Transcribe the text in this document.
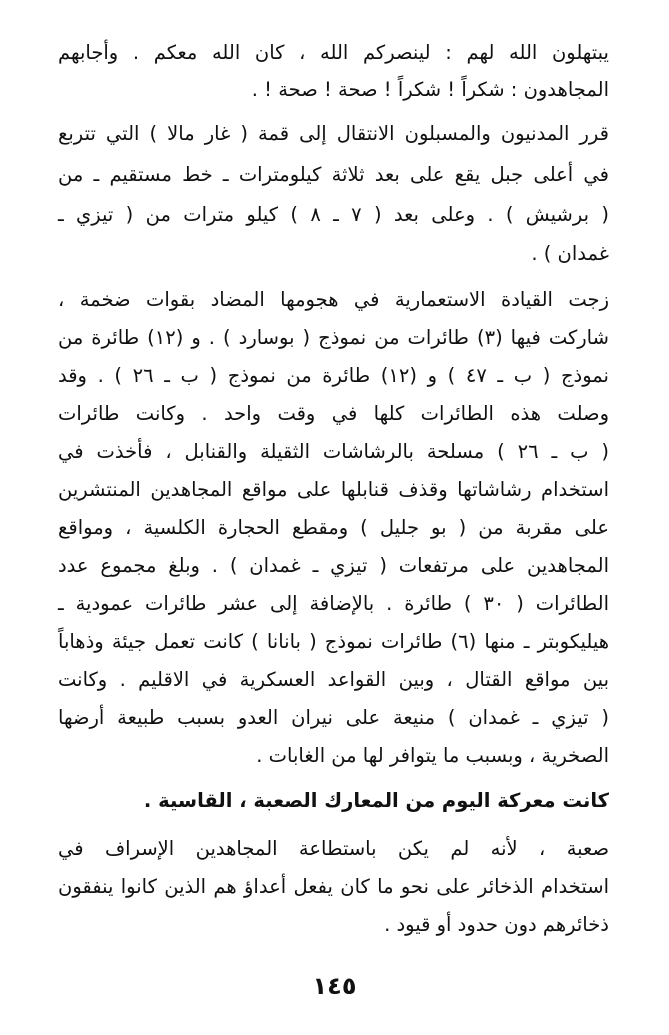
يبتهلون الله لهم : لينصركم الله ، كان الله معكم . وأجابهم
المجاهدون : شكراً ! شكراً ! صحة ! صحة ! .
قرر المدنيون والمسبلون الانتقال إلى قمة ( غار مالا ) التي تتربع
في أعلى جبل يقع على بعد ثلاثة كيلومترات ـ خط مستقيم ـ من
( برشيش ) . وعلى بعد ( ٧ ـ ٨ ) كيلو مترات من ( تيزي ـ
غمدان ) .
زجت القيادة الاستعمارية في هجومها المضاد بقوات ضخمة ،
شاركت فيها (٣) طائرات من نموذج ( بوسارد ) . و (١٢) طائرة من
نموذج ( ب ـ ٤٧ ) و (١٢) طائرة من نموذج ( ب ـ ٢٦ ) . وقد
وصلت هذه الطائرات كلها في وقت واحد . وكانت طائرات
( ب ـ ٢٦ ) مسلحة بالرشاشات الثقيلة والقنابل ، فأخذت في
استخدام رشاشاتها وقذف قنابلها على مواقع المجاهدين المنتشرين
على مقربة من ( بو جليل ) ومقطع الحجارة الكلسية ، ومواقع
المجاهدين على مرتفعات ( تيزي ـ غمدان ) . وبلغ مجموع عدد
الطائرات ( ٣٠ ) طائرة . بالإضافة إلى عشر طائرات عمودية ـ
هيليكوبتر ـ منها (٦) طائرات نموذج ( بانانا ) كانت تعمل جيئة وذهاباً
بين مواقع القتال ، وبين القواعد العسكرية في الاقليم . وكانت
( تيزي ـ غمدان ) منيعة على نيران العدو بسبب طبيعة أرضها
الصخرية ، وبسبب ما يتوافر لها من الغابات .
كانت معركة اليوم من المعارك الصعبة ، القاسية .
صعبة ، لأنه لم يكن باستطاعة المجاهدين الإسراف في
استخدام الذخائر على نحو ما كان يفعل أعداؤ هم الذين كانوا ينفقون
ذخائرهم دون حدود أو قيود .
١٤٥
